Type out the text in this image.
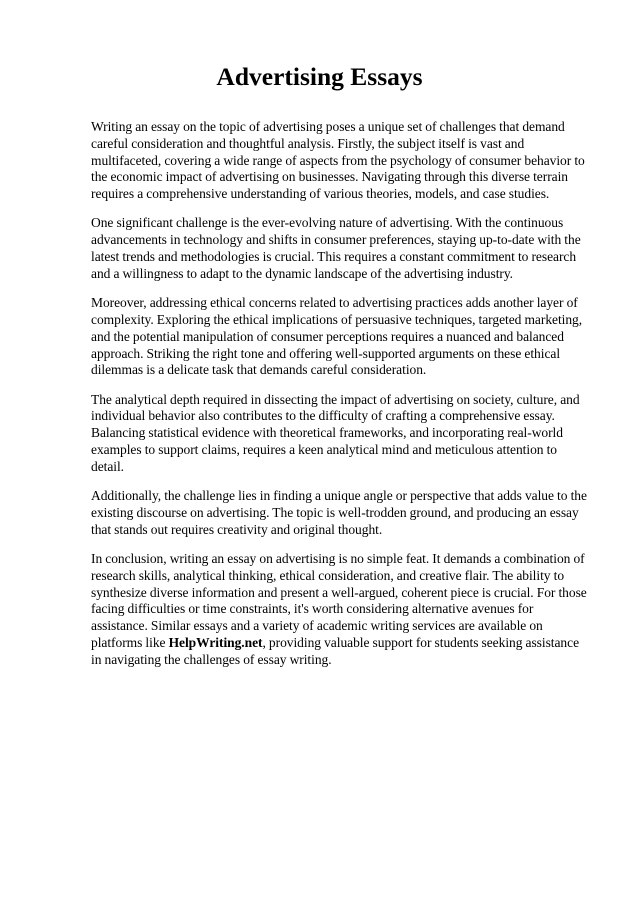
Advertising Essays

Writing an essay on the topic of advertising poses a unique set of challenges that demand careful consideration and thoughtful analysis. Firstly, the subject itself is vast and multifaceted, covering a wide range of aspects from the psychology of consumer behavior to the economic impact of advertising on businesses. Navigating through this diverse terrain requires a comprehensive understanding of various theories, models, and case studies.

One significant challenge is the ever-evolving nature of advertising. With the continuous advancements in technology and shifts in consumer preferences, staying up-to-date with the latest trends and methodologies is crucial. This requires a constant commitment to research and a willingness to adapt to the dynamic landscape of the advertising industry.

Moreover, addressing ethical concerns related to advertising practices adds another layer of complexity. Exploring the ethical implications of persuasive techniques, targeted marketing, and the potential manipulation of consumer perceptions requires a nuanced and balanced approach. Striking the right tone and offering well-supported arguments on these ethical dilemmas is a delicate task that demands careful consideration.

The analytical depth required in dissecting the impact of advertising on society, culture, and individual behavior also contributes to the difficulty of crafting a comprehensive essay. Balancing statistical evidence with theoretical frameworks, and incorporating real-world examples to support claims, requires a keen analytical mind and meticulous attention to detail.

Additionally, the challenge lies in finding a unique angle or perspective that adds value to the existing discourse on advertising. The topic is well-trodden ground, and producing an essay that stands out requires creativity and original thought.

In conclusion, writing an essay on advertising is no simple feat. It demands a combination of research skills, analytical thinking, ethical consideration, and creative flair. The ability to synthesize diverse information and present a well-argued, coherent piece is crucial. For those facing difficulties or time constraints, it's worth considering alternative avenues for assistance. Similar essays and a variety of academic writing services are available on platforms like HelpWriting.net, providing valuable support for students seeking assistance in navigating the challenges of essay writing.
